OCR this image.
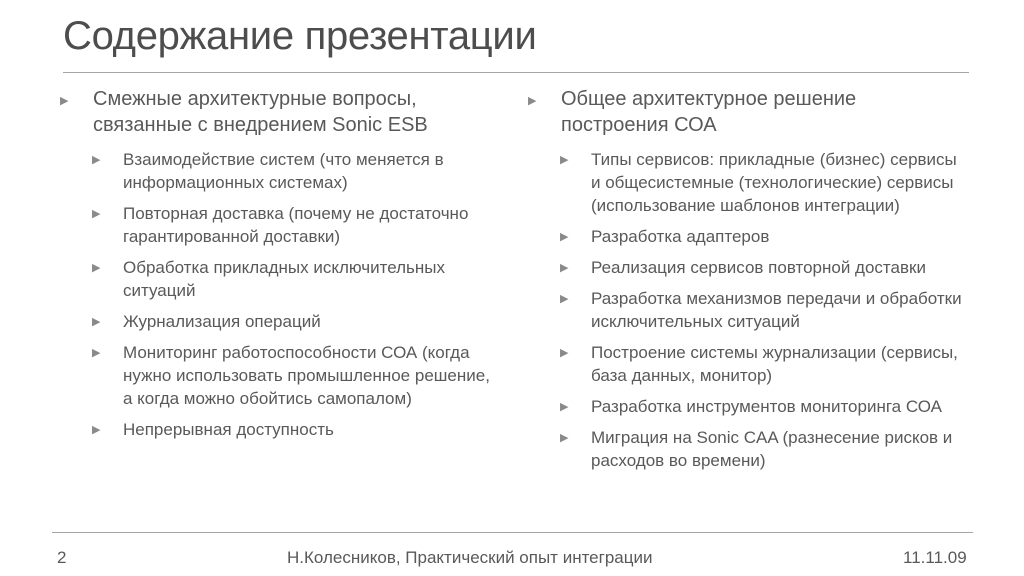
Содержание презентации
▶ Смежные архитектурные вопросы, связанные с внедрением Sonic ESB
▶ Взаимодействие систем (что меняется в информационных системах)
▶ Повторная доставка (почему не достаточно гарантированной доставки)
▶ Обработка прикладных исключительных ситуаций
▶ Журнализация операций
▶ Мониторинг работоспособности СОА (когда нужно использовать промышленное решение, а когда можно обойтись самопалом)
▶ Непрерывная доступность
▶ Общее архитектурное решение построения СОА
▶ Типы сервисов: прикладные (бизнес) сервисы и общесистемные (технологические) сервисы (использование шаблонов интеграции)
▶ Разработка адаптеров
▶ Реализация сервисов повторной доставки
▶ Разработка механизмов передачи и обработки исключительных ситуаций
▶ Построение системы журнализации (сервисы, база данных, монитор)
▶ Разработка инструментов мониторинга СОА
▶ Миграция на Sonic CAA (разнесение рисков и расходов во времени)
2	Н.Колесников, Практический опыт интеграции	11.11.09
